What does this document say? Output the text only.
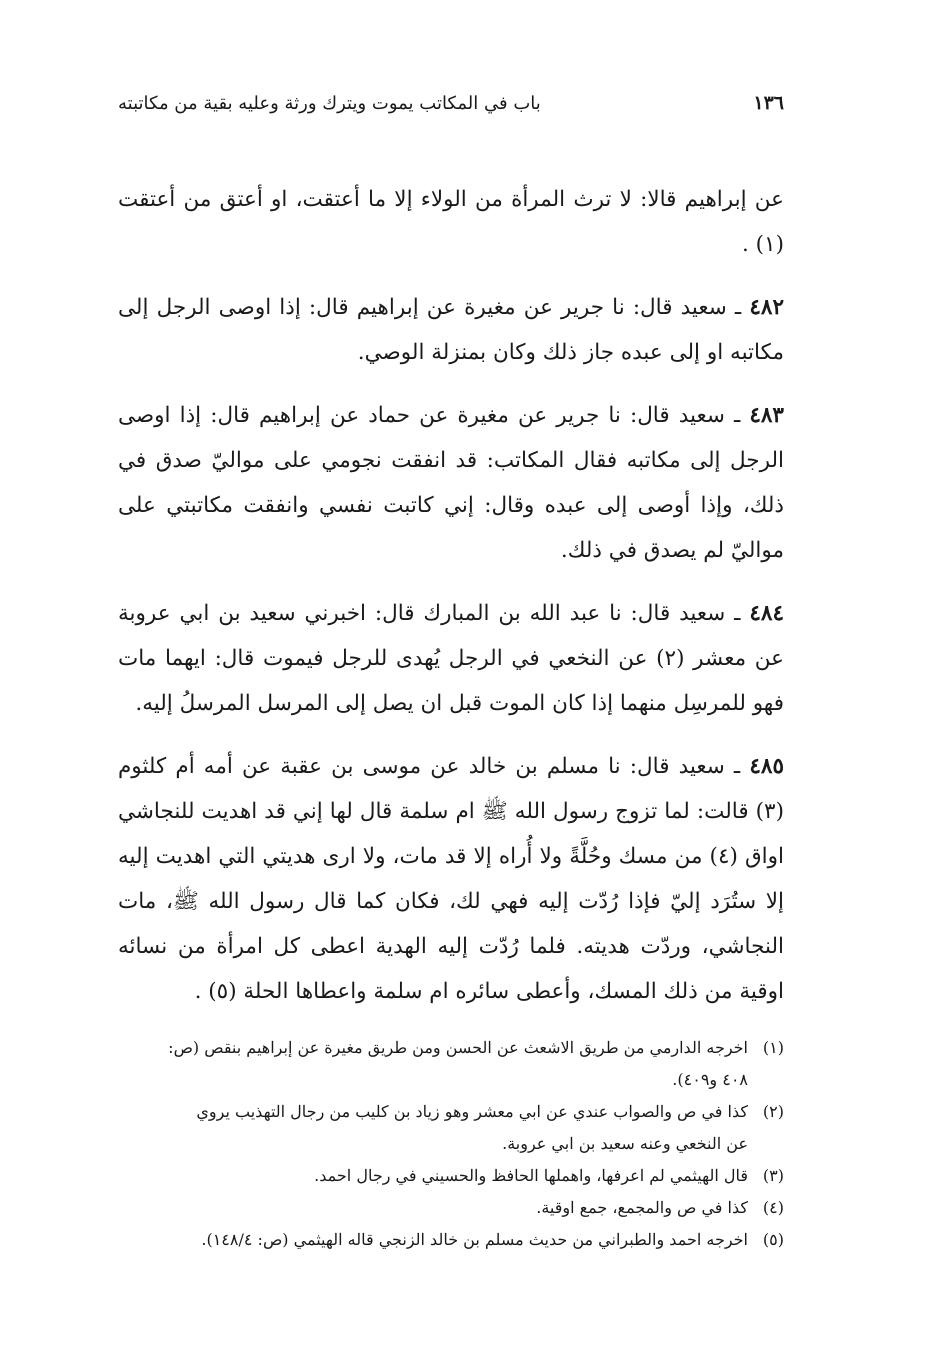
١٣٦
باب في المكاتب يموت ويترك ورثة وعليه بقية من مكاتبته

عن إبراهيم قالا: لا ترث المرأة من الولاء إلا ما أعتقت، او أعتق من أعتقت (١) .

٤٨٢ ـ سعيد قال: نا جرير عن مغيرة عن إبراهيم قال: إذا اوصى الرجل إلى مكاتبه او إلى عبده جاز ذلك وكان بمنزلة الوصي.

٤٨٣ ـ سعيد قال: نا جرير عن مغيرة عن حماد عن إبراهيم قال: إذا اوصى الرجل إلى مكاتبه فقال المكاتب: قد انفقت نجومي على مواليّ صدق في ذلك، وإذا أوصى إلى عبده وقال: إني كاتبت نفسي وانفقت مكاتبتي على مواليّ لم يصدق في ذلك.

٤٨٤ ـ سعيد قال: نا عبد الله بن المبارك قال: اخبرني سعيد بن ابي عروبة عن معشر (٢) عن النخعي في الرجل يُهدى للرجل فيموت قال: ايهما مات فهو للمرسِل منهما إذا كان الموت قبل ان يصل إلى المرسل المرسلُ إليه.

٤٨٥ ـ سعيد قال: نا مسلم بن خالد عن موسى بن عقبة عن أمه أم كلثوم (٣) قالت: لما تزوج رسول الله ﷺ ام سلمة قال لها إني قد اهديت للنجاشي اواق (٤) من مسك وحُلَّةً ولا أُراه إلا قد مات، ولا ارى هديتي التي اهديت إليه إلا ستُرَد إليّ فإذا رُدّت إليه فهي لك، فكان كما قال رسول الله ﷺ، مات النجاشي، وردّت هديته. فلما رُدّت إليه الهدية اعطى كل امرأة من نسائه اوقية من ذلك المسك، وأعطى سائره ام سلمة واعطاها الحلة (٥) .

(١)اخرجه الدارمي من طريق الاشعث عن الحسن ومن طريق مغيرة عن إبراهيم بنقص (ص:
٤٠٨ و٤٠٩).
(٢)كذا في ص والصواب عندي عن ابي معشر وهو زياد بن كليب من رجال التهذيب يروي
عن النخعي وعنه سعيد بن ابي عروبة.
(٣)قال الهيثمي لم اعرفها، واهملها الحافظ والحسيني في رجال احمد.
(٤)كذا في ص والمجمع، جمع اوقية.
(٥)اخرجه احمد والطبراني من حديث مسلم بن خالد الزنجي قاله الهيثمي (ص: ١٤٨/٤).
